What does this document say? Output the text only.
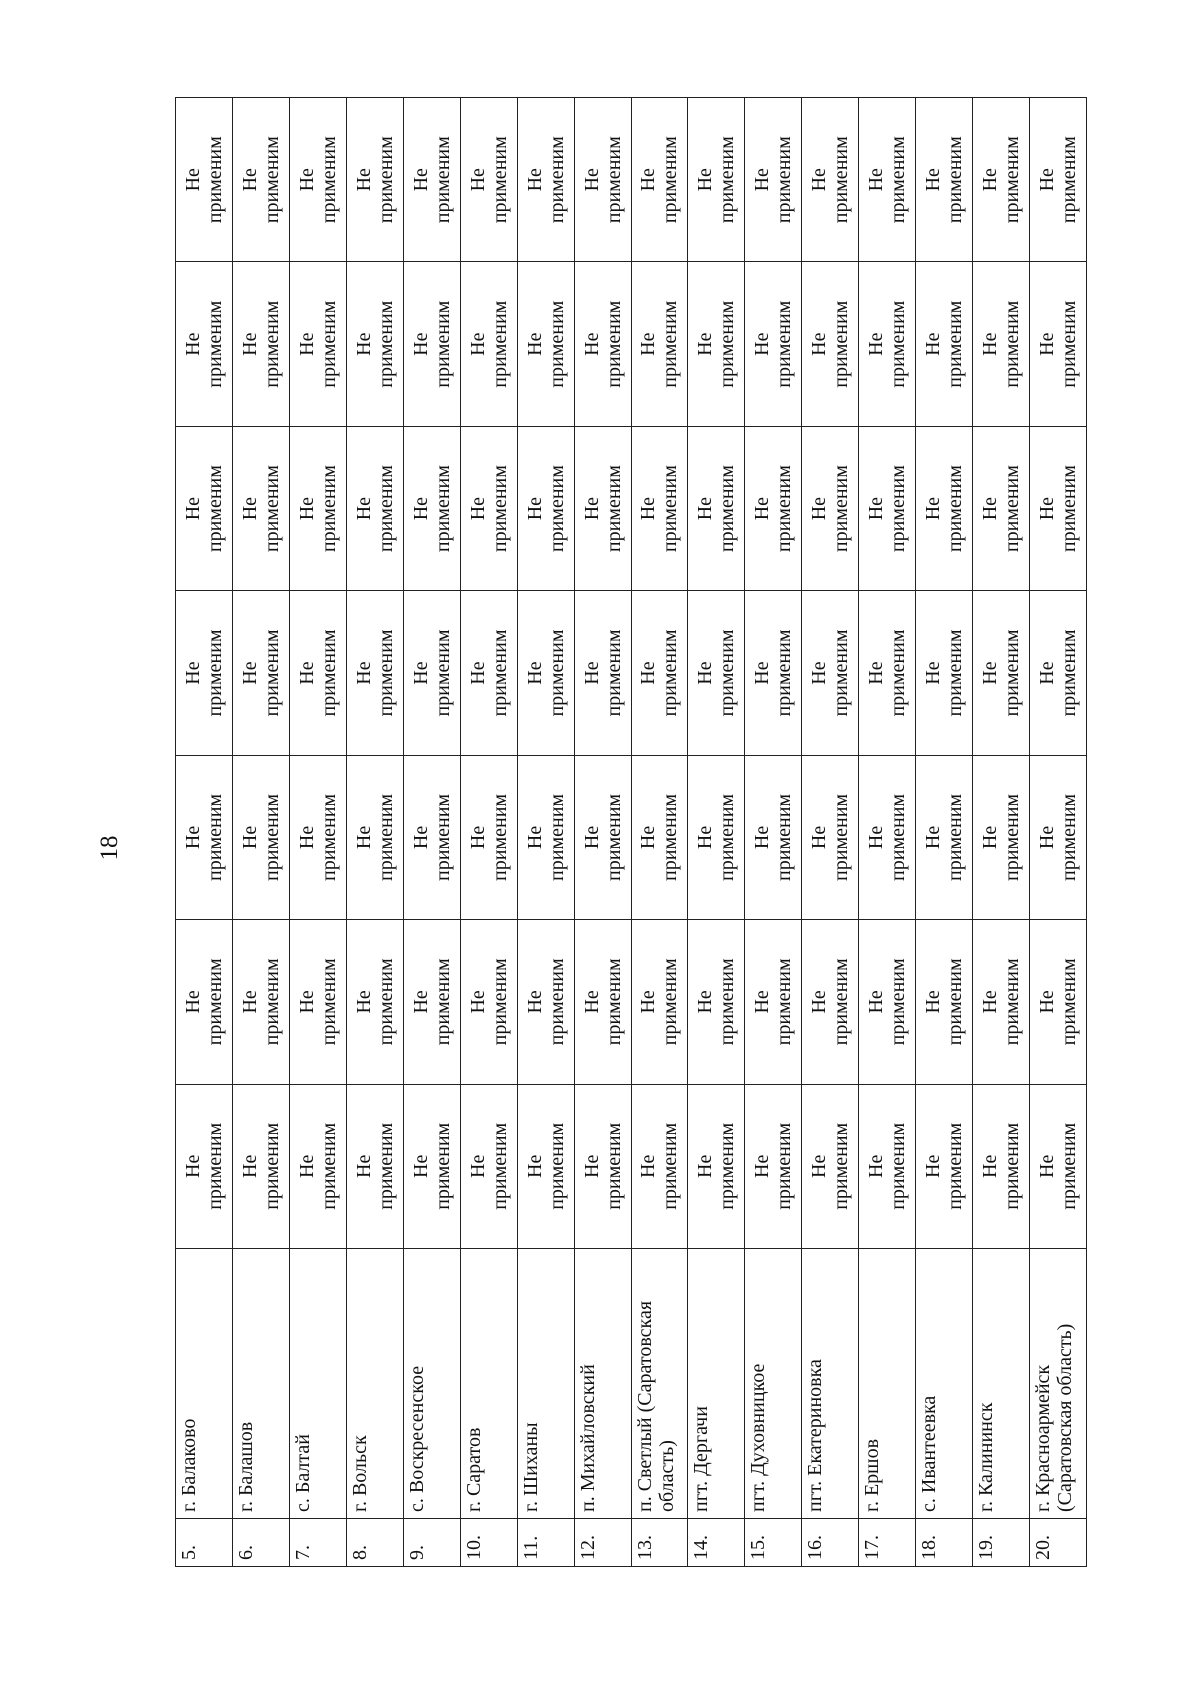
18
5.	г. Балаково	Не применим	Не применим	Не применим	Не применим	Не применим	Не применим	Не применим

6.	г. Балашов	Не применим	Не применим	Не применим	Не применим	Не применим	Не применим	Не применим

7.	с. Балтай	Не применим	Не применим	Не применим	Не применим	Не применим	Не применим	Не применим

8.	г. Вольск	Не применим	Не применим	Не применим	Не применим	Не применим	Не применим	Не применим

9.	с. Воскресенское	Не применим	Не применим	Не применим	Не применим	Не применим	Не применим	Не применим

10.	г. Саратов	Не применим	Не применим	Не применим	Не применим	Не применим	Не применим	Не применим

11.	г. Шиханы	Не применим	Не применим	Не применим	Не применим	Не применим	Не применим	Не применим

12.	п. Михайловский	Не применим	Не применим	Не применим	Не применим	Не применим	Не применим	Не применим

13.	п. Светлый (Саратовская область)	Не применим	Не применим	Не применим	Не применим	Не применим	Не применим	Не применим

14.	пгт. Дергачи	Не применим	Не применим	Не применим	Не применим	Не применим	Не применим	Не применим

15.	пгт. Духовницкое	Не применим	Не применим	Не применим	Не применим	Не применим	Не применим	Не применим

16.	пгт. Екатериновка	Не применим	Не применим	Не применим	Не применим	Не применим	Не применим	Не применим

17.	г. Ершов	Не применим	Не применим	Не применим	Не применим	Не применим	Не применим	Не применим

18.	с. Ивантеевка	Не применим	Не применим	Не применим	Не применим	Не применим	Не применим	Не применим

19.	г. Калининск	Не применим	Не применим	Не применим	Не применим	Не применим	Не применим	Не применим

20.	г. Красноармейск (Саратовская область)	Не применим	Не применим	Не применим	Не применим	Не применим	Не применим	Не применим
